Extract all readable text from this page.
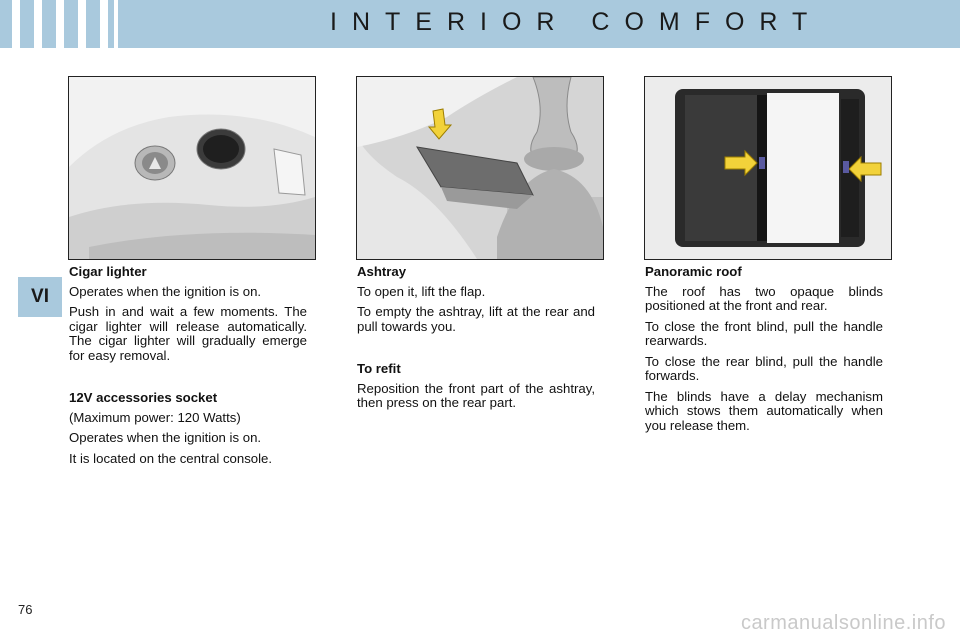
INTERIOR COMFORT
VI

Cigar lighter

Operates when the ignition is on.

Push in and wait a few moments. The cigar lighter will release automatically. The cigar lighter will gradually emerge for easy removal.

12V accessories socket

(Maximum power: 120 Watts)

Operates when the ignition is on.

It is located on the central console.

Ashtray

To open it, lift the flap.

To empty the ashtray, lift at the rear and pull towards you.

To refit

Reposition the front part of the ashtray, then press on the rear part.

Panoramic roof

The roof has two opaque blinds positioned at the front and rear.

To close the front blind, pull the handle rearwards.

To close the rear blind, pull the handle forwards.

The blinds have a delay mechanism which stows them automatically when you release them.

76
carmanualsonline.info
